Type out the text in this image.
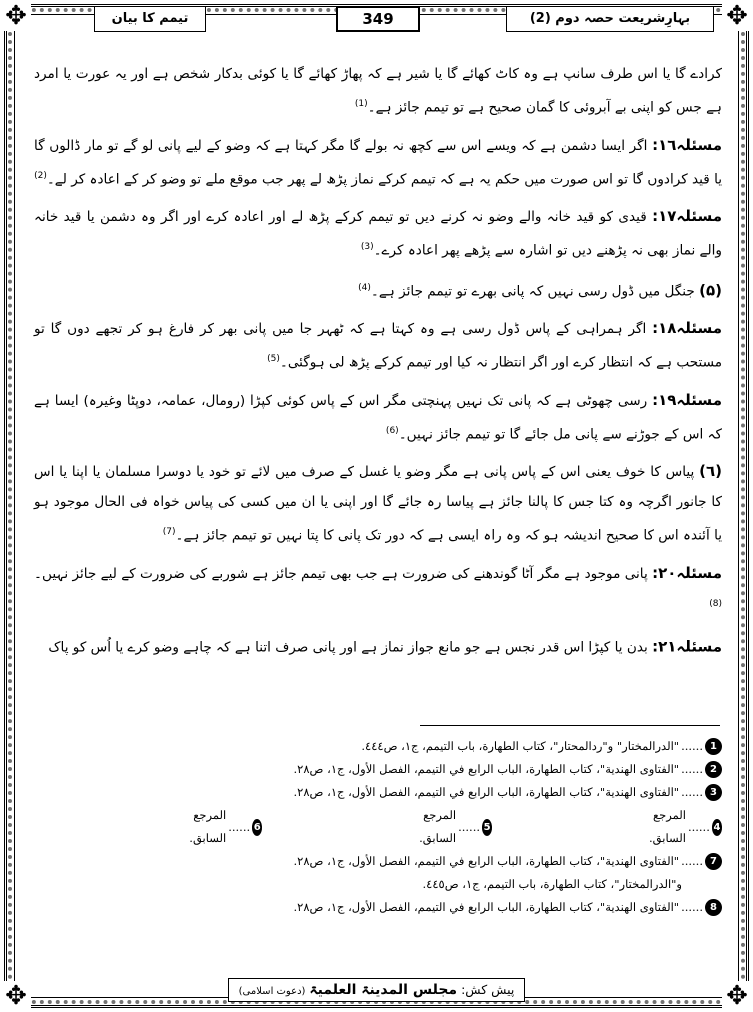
✥	✥
✥	✥
تیمم کا بیان	349	بہارِشریعت حصہ دوم (2)

کرادے گا یا اس طرف سانپ ہے وہ کاٹ کھائے گا یا شیر ہے کہ پھاڑ کھائے گا یا کوئی بدکار شخص ہے اور یہ عورت یا امرد ہے جس کو اپنی بے آبروئی کا گمان صحیح ہے تو تیمم جائز ہے۔$^{(1)}$

مسئلہ١٦: اگر ایسا دشمن ہے کہ ویسے اس سے کچھ نہ بولے گا مگر کہتا ہے کہ وضو کے لیے پانی لو گے تو مار ڈالوں گا یا قید کرادوں گا تو اس صورت میں حکم یہ ہے کہ تیمم کرکے نماز پڑھ لے پھر جب موقع ملے تو وضو کر کے اعادہ کر لے۔$^{(2)}$

مسئلہ١٧: قیدی کو قید خانہ والے وضو نہ کرنے دیں تو تیمم کرکے پڑھ لے اور اعادہ کرے اور اگر وہ دشمن یا قید خانہ والے نماز بھی نہ پڑھنے دیں تو اشارہ سے پڑھے پھر اعادہ کرے۔$^{(3)}$

(۵) جنگل میں ڈول رسی نہیں کہ پانی بھرے تو تیمم جائز ہے۔$^{(4)}$

مسئلہ١٨: اگر ہمراہی کے پاس ڈول رسی ہے وہ کہتا ہے کہ ٹھہر جا میں پانی بھر کر فارغ ہو کر تجھے دوں گا تو مستحب ہے کہ انتظار کرے اور اگر انتظار نہ کیا اور تیمم کرکے پڑھ لی ہوگئی۔$^{(5)}$

مسئلہ١٩: رسی چھوٹی ہے کہ پانی تک نہیں پہنچتی مگر اس کے پاس کوئی کپڑا (رومال، عمامہ، دوپٹا وغیرہ) ایسا ہے کہ اس کے جوڑنے سے پانی مل جائے گا تو تیمم جائز نہیں۔$^{(6)}$

(٦) پیاس کا خوف یعنی اس کے پاس پانی ہے مگر وضو یا غسل کے صرف میں لائے تو خود یا دوسرا مسلمان یا اپنا یا اس کا جانور اگرچہ وہ کتا جس کا پالنا جائز ہے پیاسا رہ جائے گا اور اپنی یا ان میں کسی کی پیاس خواہ فی الحال موجود ہو یا آئندہ اس کا صحیح اندیشہ ہو کہ وہ راہ ایسی ہے کہ دور تک پانی کا پتا نہیں تو تیمم جائز ہے۔$^{(7)}$

مسئلہ٢٠: پانی موجود ہے مگر آٹا گوندھنے کی ضرورت ہے جب بھی تیمم جائز ہے شوربے کی ضرورت کے لیے جائز نہیں۔$^{(8)}$

مسئلہ٢١: بدن یا کپڑا اس قدر نجس ہے جو مانع جواز نماز ہے اور پانی صرف اتنا ہے کہ چاہے وضو کرے یا اُس کو پاک

1
......
"الدرالمختار" و"ردالمحتار"، كتاب الطهارة، باب التيمم، ج١، ص٤٤٤.
2
......
"الفتاوى الهندية"، كتاب الطهارة، الباب الرابع في التيمم، الفصل الأول، ج١، ص٢٨.
3
......
"الفتاوى الهندية"، كتاب الطهارة، الباب الرابع في التيمم، الفصل الأول، ج١، ص٢٨.
4
......
المرجع السابق.
5
......
المرجع السابق.
6
......
المرجع السابق.
7
......
"الفتاوى الهندية"، كتاب الطهارة، الباب الرابع في التيمم، الفصل الأول، ج١، ص٢٨.
و"الدرالمختار"، كتاب الطهارة، باب التيمم، ج١، ص٤٤٥.
8
......
"الفتاوى الهندية"، كتاب الطهارة، الباب الرابع في التيمم، الفصل الأول، ج١، ص٢٨.
پیش کش: مجلس المدینۃ العلمیۃ (دعوت اسلامی)
